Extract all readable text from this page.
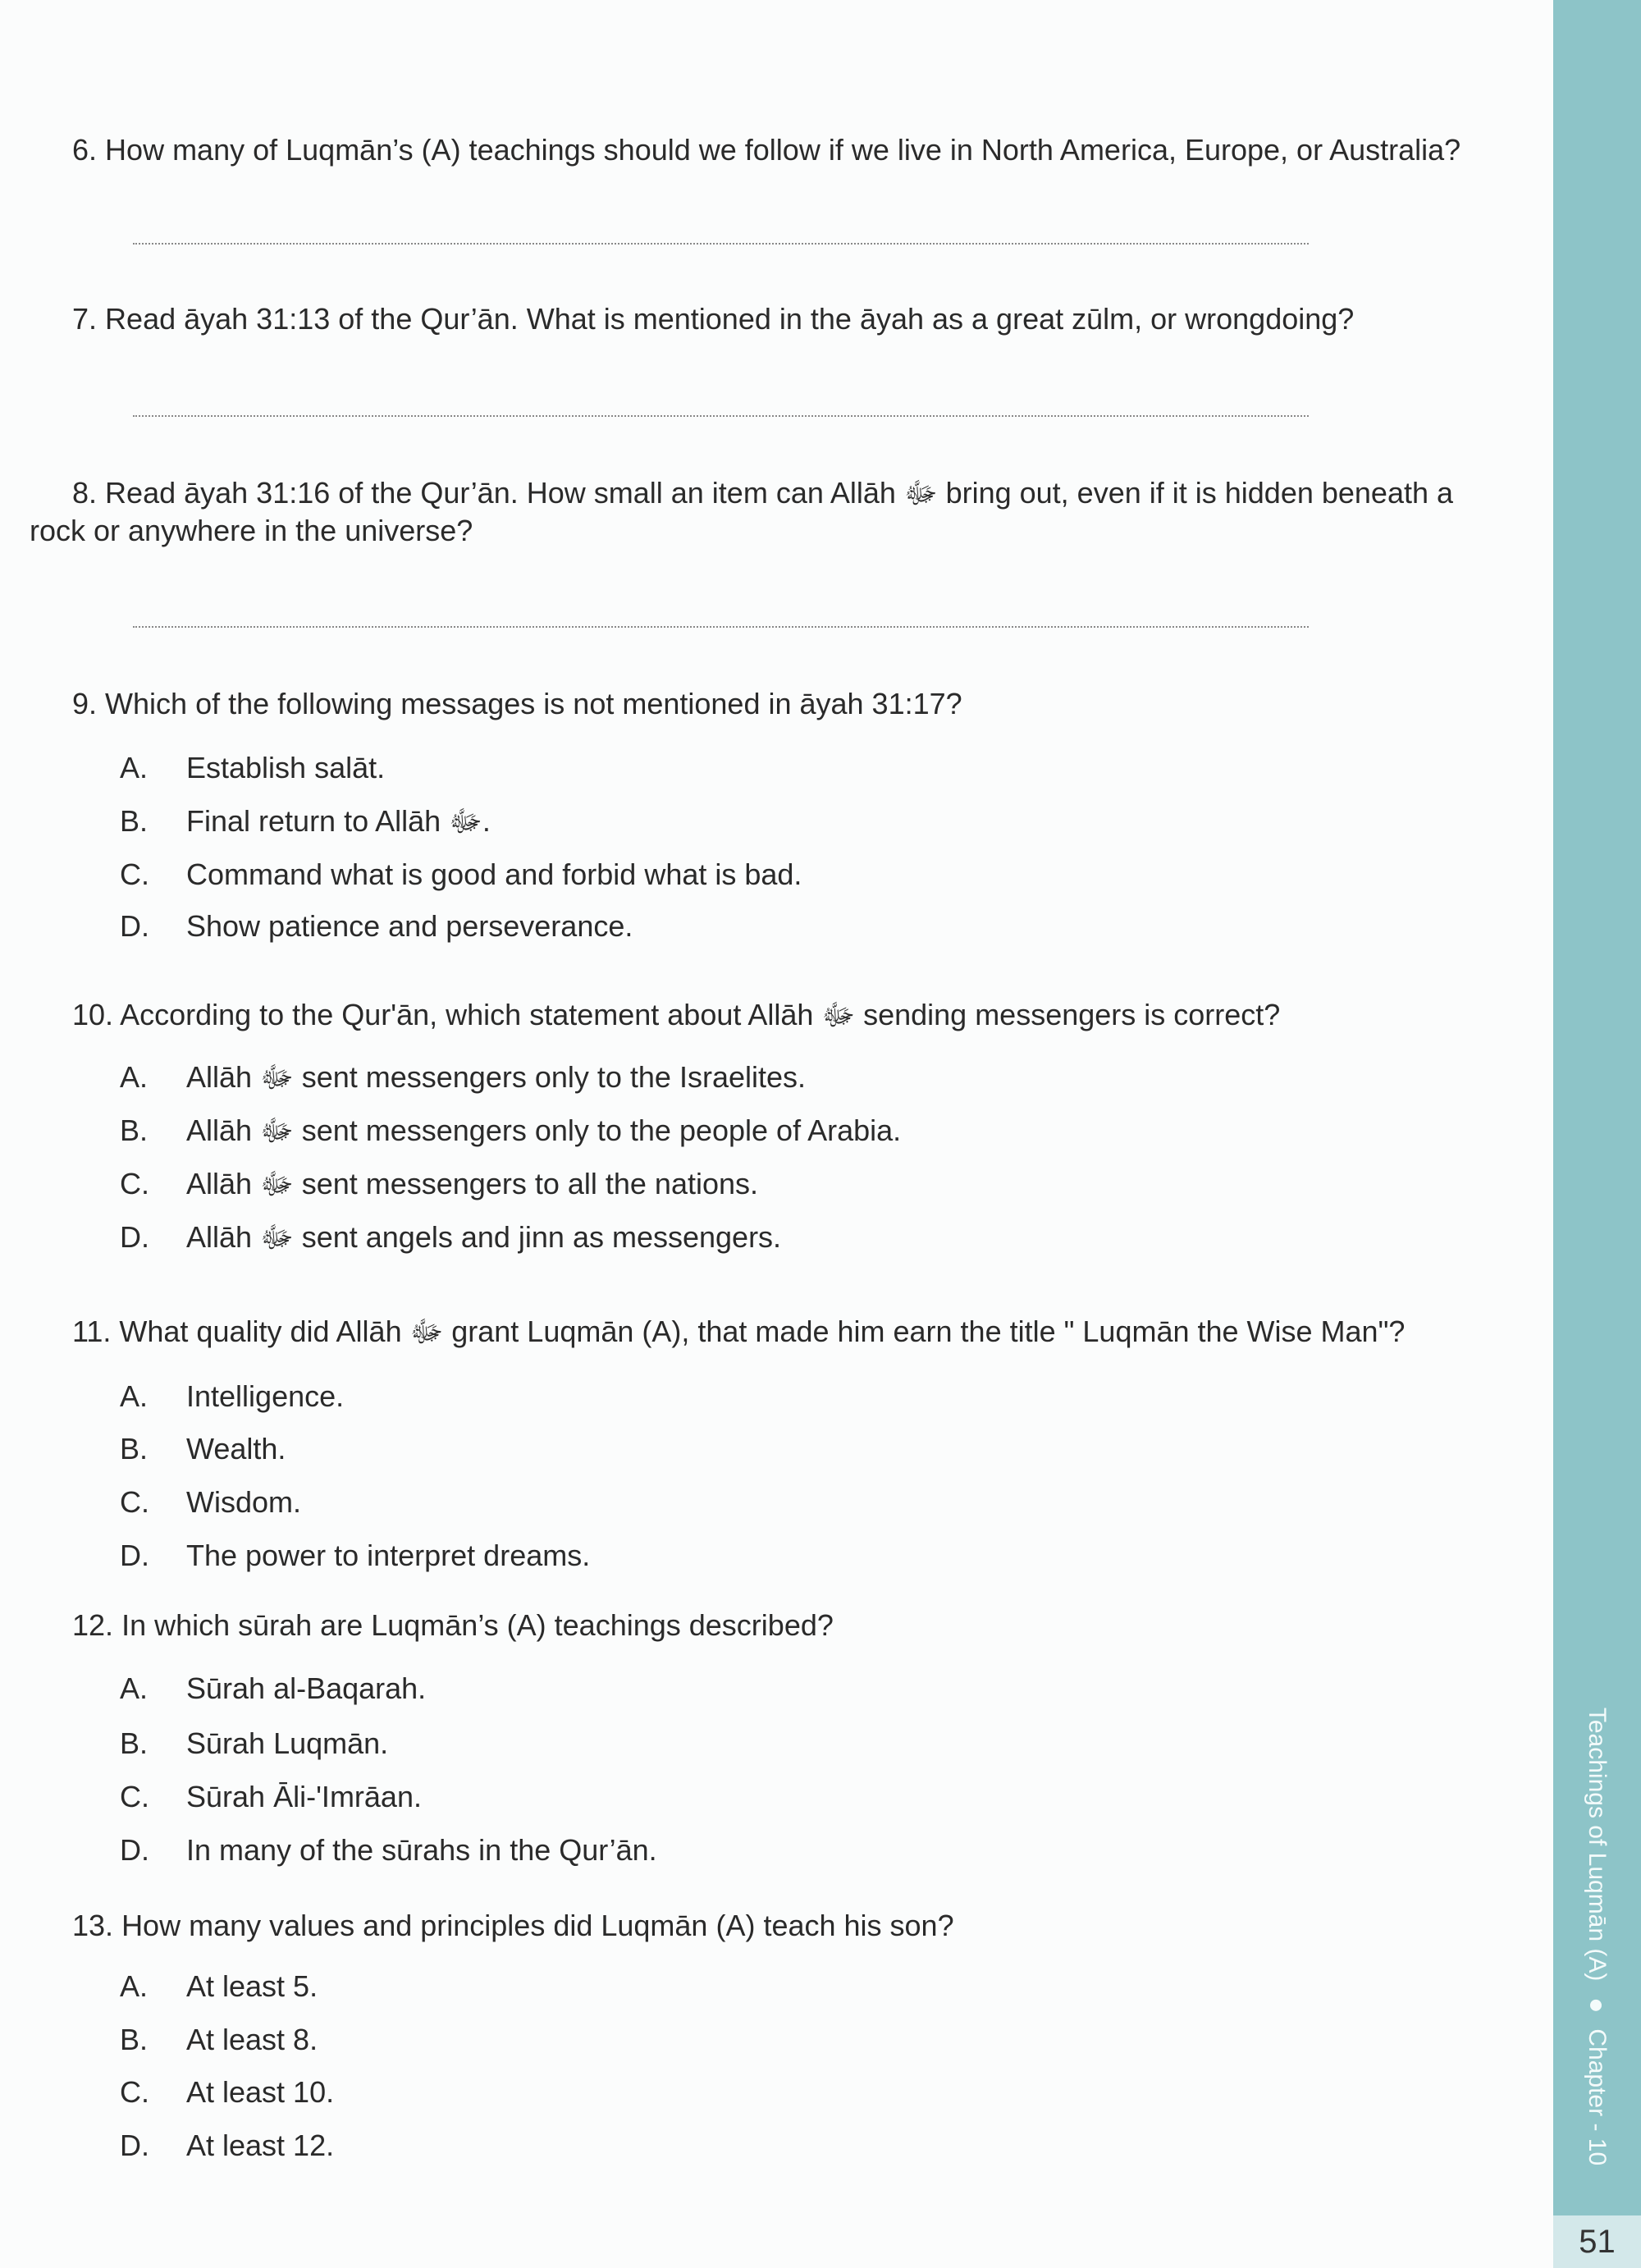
6. How many of Luqmān’s (A) teachings should we follow if we live in North America, Europe, or Australia?
7. Read āyah 31:13 of the Qur’ān. What is mentioned in the āyah as a great zūlm, or wrongdoing?
8. Read āyah 31:16 of the Qur’ān. How small an item can Allāh ﷻ bring out, even if it is hidden beneath a
rock or anywhere in the universe?
9. Which of the following messages is not mentioned in āyah 31:17?
A. Establish salāt.
B. Final return to Allāh ﷻ.
C. Command what is good and forbid what is bad.
D. Show patience and perseverance.
10. According to the Qur'ān, which statement about Allāh ﷻ sending messengers is correct?
A. Allāh ﷻ sent messengers only to the Israelites.
B. Allāh ﷻ sent messengers only to the people of Arabia.
C. Allāh ﷻ sent messengers to all the nations.
D. Allāh ﷻ sent angels and jinn as messengers.
11. What quality did Allāh ﷻ grant Luqmān (A), that made him earn the title " Luqmān the Wise Man"?
A. Intelligence.
B. Wealth.
C. Wisdom.
D. The power to interpret dreams.
12. In which sūrah are Luqmān’s (A) teachings described?
A. Sūrah al-Baqarah.
B. Sūrah Luqmān.
C. Sūrah Āli-'Imrāan.
D. In many of the sūrahs in the Qur’ān.
13. How many values and principles did Luqmān (A) teach his son?
A. At least 5.
B. At least 8.
C. At least 10.
D. At least 12.
Teachings of Luqmān (A)Chapter - 10
51
